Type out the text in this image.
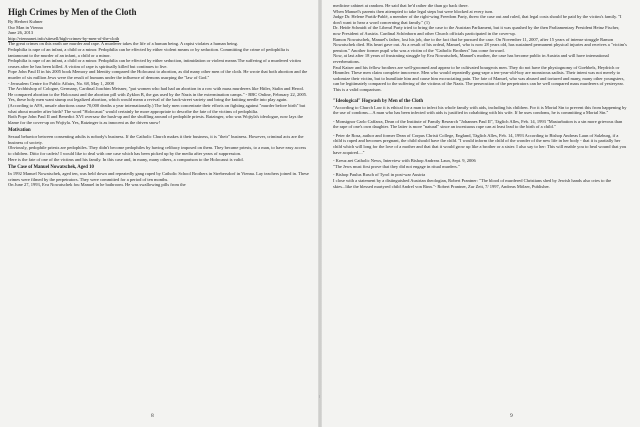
High Crimes by Men of the Cloth
By Herbert Kuhner
Our Man in Vienna
June 26, 2013
http://viennanet.info/sitesell/high-crimes-by-men-of-the-cloth

The great crimes on this earth are murder and rape. A murderer takes the life of a human being. A rapist violates a human being.

Pedophilia is rape of an infant, a child or a minor. Pedophilia can be effected by either violent means or by seduction. Committing the crime of pedophilia is tantamount to the murder of an infant, a child or a minor.

Pedophilia is rape of an infant, a child or a minor. Pedophilia can be effected by either seduction, intimidation or violent means The suffering of a murdered victim ceases after he has been killed. A victim of rape is spiritually killed but continues to live.

Pope John Paul II in his 2005 book Memory and Identity compared the Holocaust to abortion, as did many other men of the cloth. He wrote that both abortion and the murder of six million Jews were the result of humans under the influence of demons usurping the "law of God."

- Jerusalem Centre for Public Affairs, No. 68, May 1, 2008

The Archbishop of Cologne, Germany, Cardinal Joachim Meisner, "put women who had had an abortion in a row with mass murderers like Hitler, Stalin and Herod. He compared abortion to the Holocaust and the abortion pill with Zyklon B, the gas used by the Nazis in the extermination camps." - BBC Online, February 22, 2005.

Yes, these holy men want stump out legalized abortion, which would mean a revival of the back-street variety and bring the knitting needle into play again. (According to AFA, unsafe abortions cause 70,000 deaths a year internationally.) The holy men concentrate their efforts on fighting against "murder before birth" but what about murder after birth? The word "Holocaust" would certainly be more appropriate to describe the fate of the victims of pedophilia.

Both Pope John Paul II and Benedict XVI oversaw the hush-up and the shuffling around of pedophile priests. Ratzinger, who was Wojtyla's ideologue, now lays the blame for the cover-up on Wojtyla. Yes, Ratzinger is as innocent as the driven snow!

Motivation

Sexual behavior between consenting adults is nobody's business. If the Catholic Church makes it their business, it is "their" business. However, criminal acts are the business of society.

Obviously, pedophile priests are pedophiles. They didn't become pedophiles by having celibacy imposed on them. They became priests, to a man, to have easy access to children. Ditto for cadets! I would like to deal with one case which has been picked up by the media after years of suppression.

Here is the fate of one of the victims and his family. In this case and, in many, many others, a comparison to the Holocaust is valid.

The Case of Manuel Nowatschek, Aged 10

In 1992 Manuel Nowatschek, aged ten, was held down and repeatedly gang raped by Catholic School Brothers in Strebersdorf in Vienna. Lay teachers joined in. These crimes were filmed by the perpetrators. They were committed for a period of ten months.

On June 27, 1993, Eva Nowatschek fou Manuel in he bathroom. He was swallowing pills from the

8

medicine cabinet at random. He said that he'd rather die than go back there.

When Manuel's parents then attempted to take legal steps but were blocked at every turn.

Judge Dr. Helene Partik-Pablé, a member of the right-wing Freedom Party, threw the case out and ruled, that legal costs should be paid by the victim's family. "I don't want to hear a word concerning that family." (1)

Dr. Heide Schmidt of the Liberal Party tried to bring the case to the Austrian Parliament, but it was quashed by the then Parliamentary President Heinz Fischer, now President of Austria. Cardinal Schönborn and other Church officials participated in the cover-up.

Ramon Nowatschek, Manuel's father, lost his job, due to the fact that he pursued the case. On November 11, 2007, after 15 years of intense struggle Ramon Nowatschek died. His heart gave out. As a result of his ordeal, Manuel, who is now 28 years old, has sustained permanent physical injuries and receives a "victim's pension." Another former pupil who was a victim of the "Catholic Brothers" has come forward.

Now, at last after 18 years of frustrating struggle by Eva Nowatschek, Manuel's mother, the case has become public in Austria and will have international reverberations.

Paul Kaiser and his fellow brothers are well-groomed and appear to be cultivated bourgeois men. They do not have the physiognomy of Goebbels, Heydrich or Himmler. These men claim complete innocence. Men who would repeatedly gang-rape a ten-year-old-boy are monstrous sadists. Their intent was not merely to sodomize their victim, but to humiliate him and cause him excruciating pain. The fate of Manuel, who was abused and tortured and many, many other youngsters, can be legitimately compared to the suffering of the victims of the Nazis. The persecution of the perpetrators can be well compared mass murderers of yesteryear. This is a valid comparison.

"Ideological" Hogwash by Men of the Cloth

"According to Church Law it is ethical for a man to infect his whole family with aids, including his children. For it is Mortal Sin to prevent this from happening by the use of condoms....A man who has been infected with aids is justified in cohabiting with his wife. If he uses condoms, he is committing a Mortal Sin."

- Monsignor Carlo Caffarra, Dean of the Institute of Family Research "Johannes Paul II", Täglich Alles, Feb. 14, 1993 "Masturbation is a sin more grievous than the rape of one's own daughter. The latter is more "natural" since an incestuous rape can at least lead to the birth of a child."

- Peter de Rosa, author and former Dean of Corpus Christi College, England, Täglich Alles, Feb. 14, 1993 According to Bishop Andreas Laun of Salzburg, if a child is raped and becomes pregnant, the child should have the child. "I would inform the child of the wonder of the new life in her body - that it is partially her child which will long for the love of a mother and that that it would grow up like a brother or a sister. I also say to her: This will enable you to heal wound that you have acquired...."

- Kreuz.net Catholic News, Interview with Bishop Andreas Laun, Sept. 9, 2006

"The Jews must first prove that they did not engage in ritual murders."

- Bishop Paulus Rusch of Tyrol in post-war Austria

I close with a statement by a distinguished Austrian theologian, Robert Prantner: "The blood of murdered Christians shed by Jewish hands also cries to the skies...like the blessed martyred child Andrel von Rinn."- Robert Prantner, Zur Zeit, 7/ 1997, Andreas Mölzer, Publisher.

9
